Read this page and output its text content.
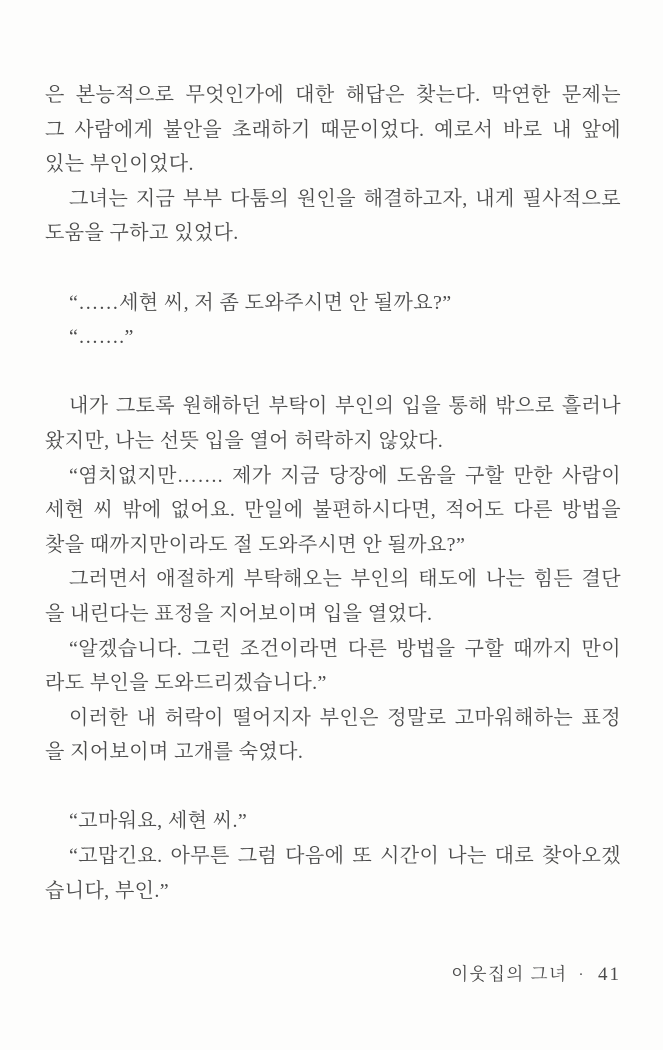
은 본능적으로 무엇인가에 대한 해답은 찾는다. 막연한 문제는

그 사람에게 불안을 초래하기 때문이었다. 예로서 바로 내 앞에

있는 부인이었다.

그녀는 지금 부부 다툼의 원인을 해결하고자, 내게 필사적으로

도움을 구하고 있었다.

“……세현 씨, 저 좀 도와주시면 안 될까요?”

“…….”

내가 그토록 원해하던 부탁이 부인의 입을 통해 밖으로 흘러나

왔지만, 나는 선뜻 입을 열어 허락하지 않았다.

“염치없지만……. 제가 지금 당장에 도움을 구할 만한 사람이

세현 씨 밖에 없어요. 만일에 불편하시다면, 적어도 다른 방법을

찾을 때까지만이라도 절 도와주시면 안 될까요?”

그러면서 애절하게 부탁해오는 부인의 태도에 나는 힘든 결단

을 내린다는 표정을 지어보이며 입을 열었다.

“알겠습니다. 그런 조건이라면 다른 방법을 구할 때까지 만이

라도 부인을 도와드리겠습니다.”

이러한 내 허락이 떨어지자 부인은 정말로 고마워해하는 표정

을 지어보이며 고개를 숙였다.

“고마워요, 세현 씨.”

“고맙긴요. 아무튼 그럼 다음에 또 시간이 나는 대로 찾아오겠

습니다, 부인.”

이웃집의 그녀 · 41
